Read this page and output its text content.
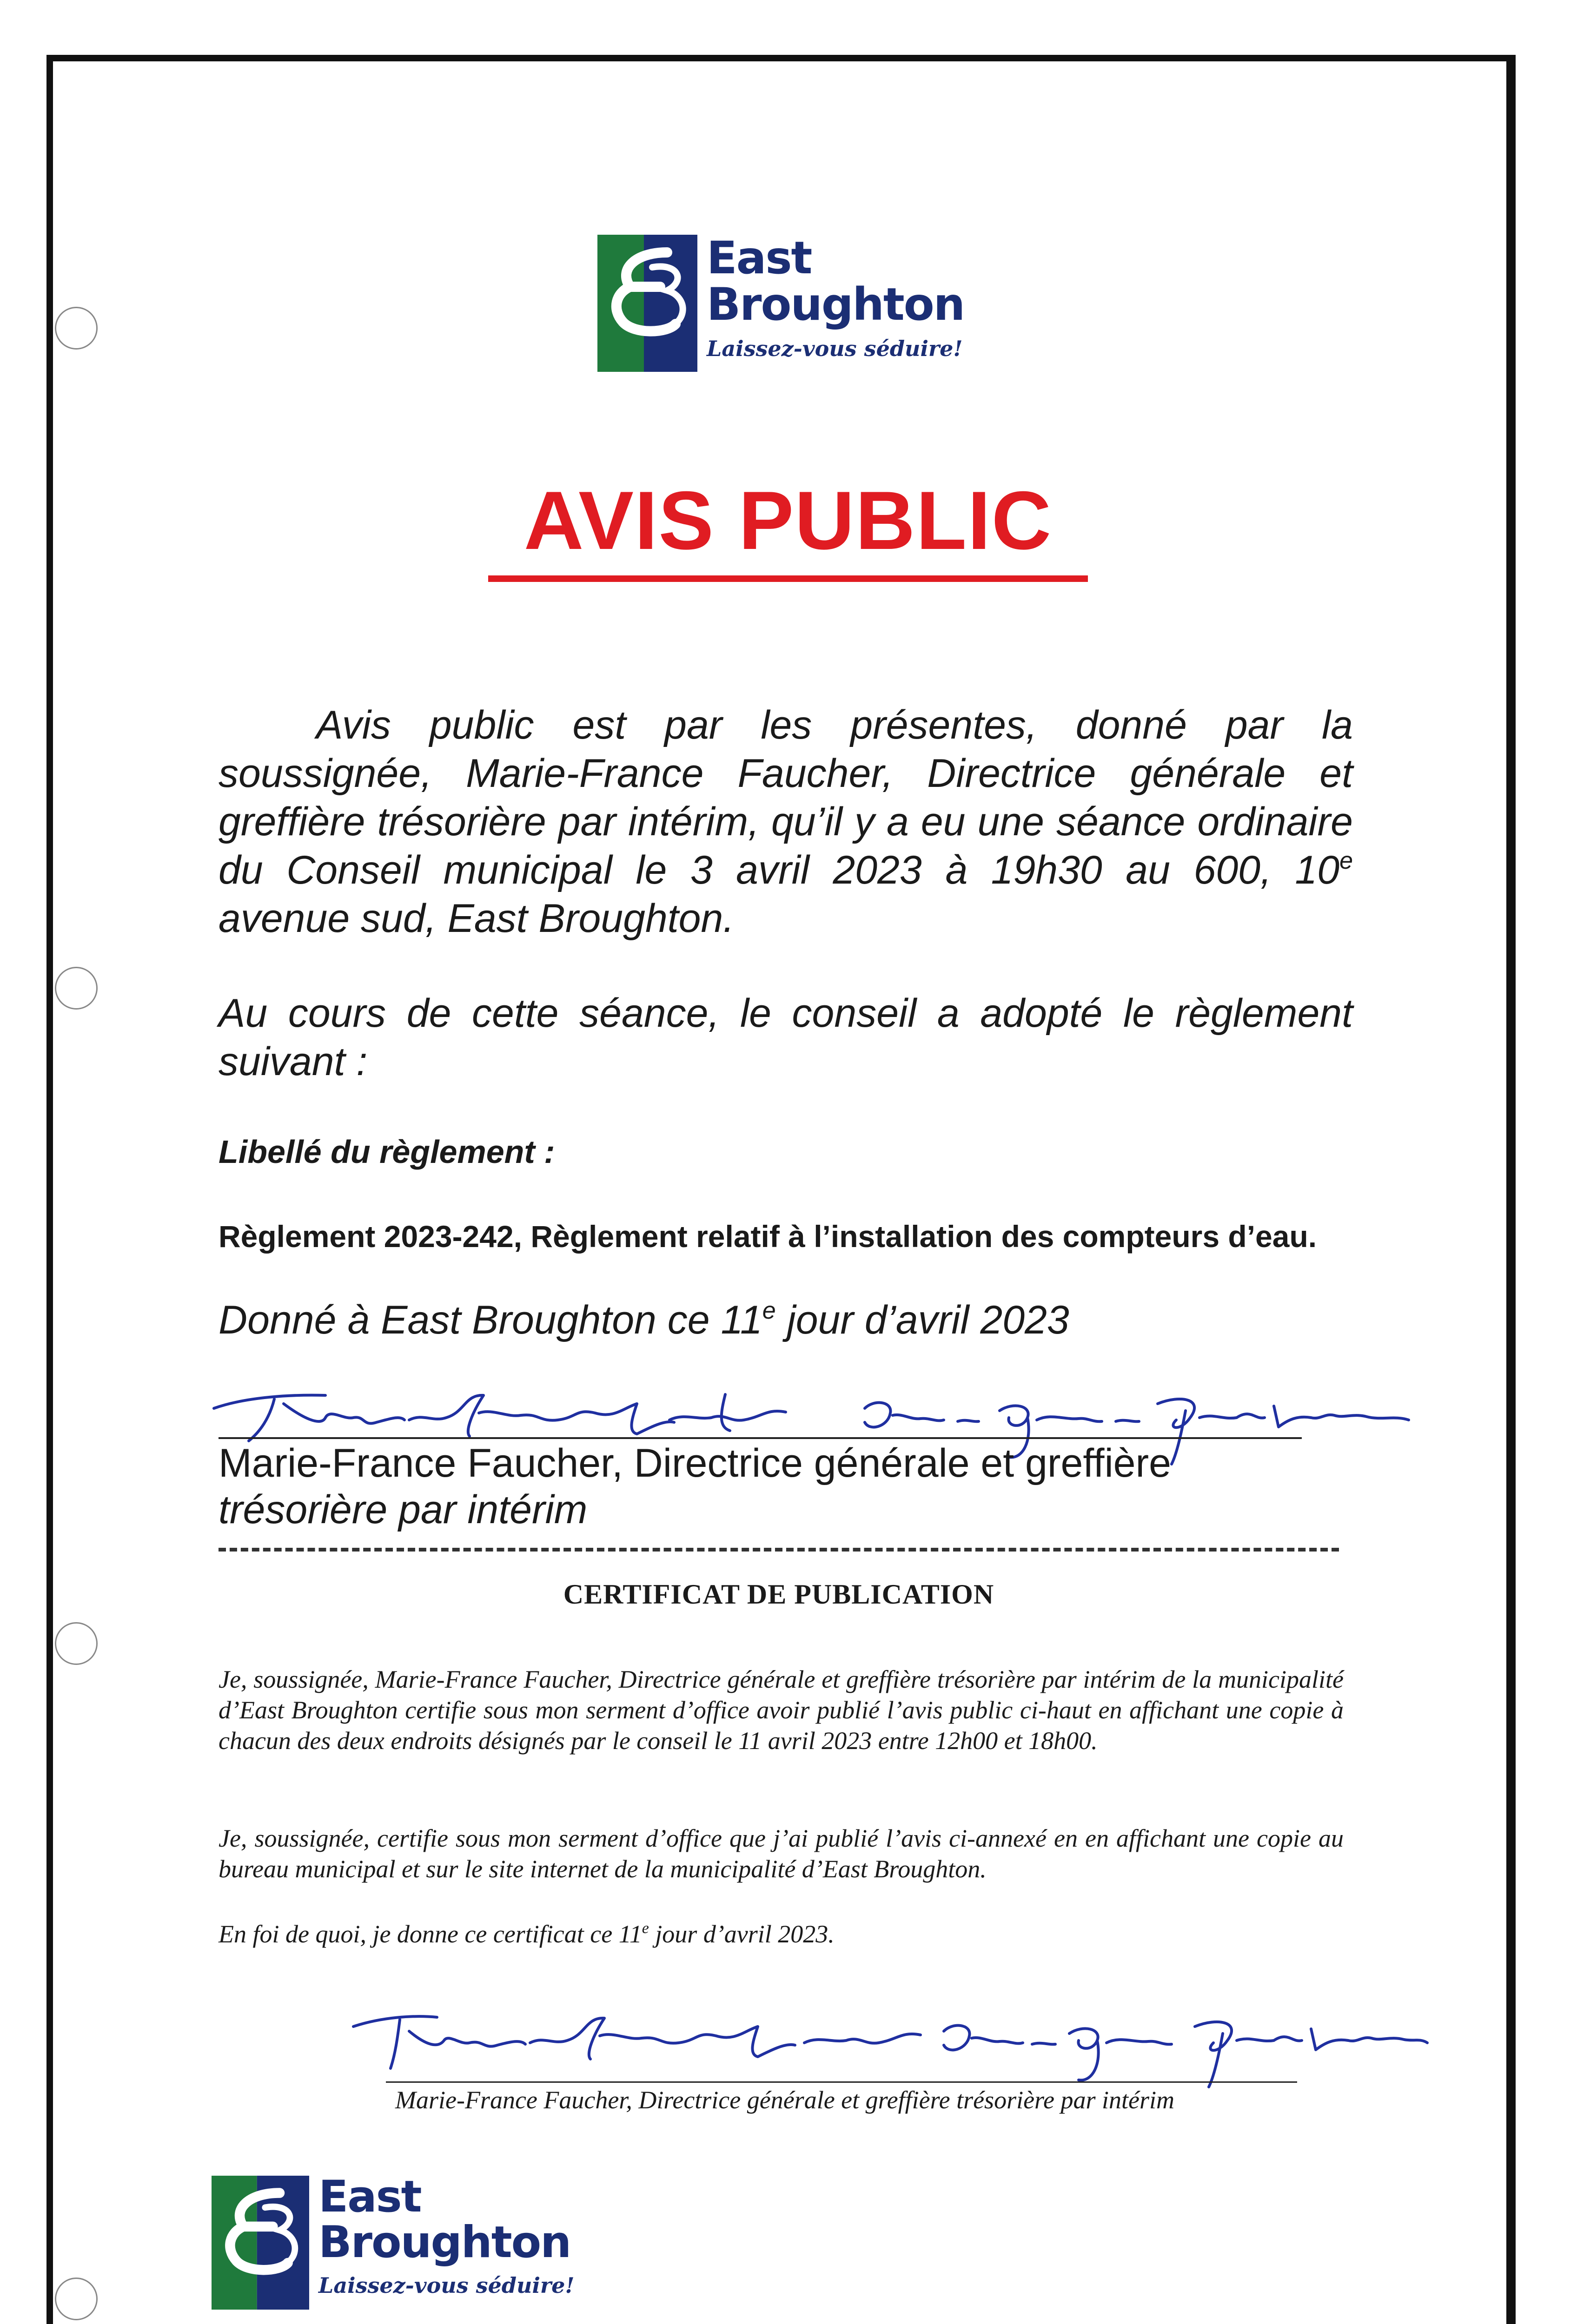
East
Broughton
Laissez-vous séduire!
AVIS PUBLIC
Avis public est par les présentes, donné par la soussignée, Marie-France Faucher, Directrice générale et greffière trésorière par intérim, qu’il y a eu une séance ordinaire du Conseil municipal le 3 avril 2023 à 19h30 au 600, 10e avenue sud, East Broughton.
Au cours de cette séance, le conseil a adopté le règlement suivant :
Libellé du règlement :
Règlement 2023-242, Règlement relatif à l’installation des compteurs d’eau.
Donné à East Broughton ce 11e jour d’avril 2023
Marie-France Faucher, Directrice générale et greffière
trésorière par intérim
CERTIFICAT DE PUBLICATION
Je, soussignée, Marie-France Faucher, Directrice générale et greffière trésorière par intérim de la municipalité d’East Broughton certifie sous mon serment d’office avoir publié l’avis public ci-haut en affichant une copie à chacun des deux endroits désignés par le conseil le 11 avril 2023 entre 12h00 et 18h00.
Je, soussignée, certifie sous mon serment d’office que j’ai publié l’avis ci-annexé en en affichant une copie au bureau municipal et sur le site internet de la municipalité d’East Broughton.
En foi de quoi, je donne ce certificat ce 11e jour d’avril 2023.
Marie-France Faucher, Directrice générale et greffière trésorière par intérim
East
Broughton
Laissez-vous séduire!
